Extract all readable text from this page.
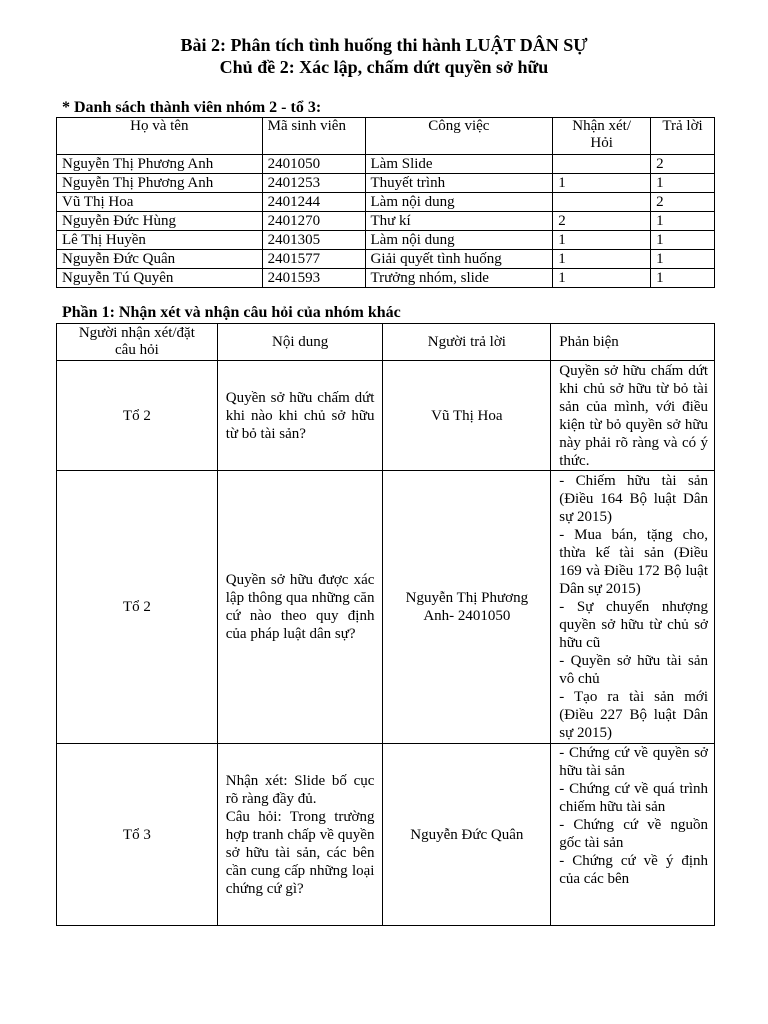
Bài 2: Phân tích tình huống thi hành LUẬT DÂN SỰ
Chủ đề 2: Xác lập, chấm dứt quyền sở hữu
* Danh sách thành viên nhóm 2 - tổ 3:
Họ và tên	Mã sinh viên	Công việc	Nhận xét/ Hỏi	Trả lời
Nguyễn Thị Phương Anh	2401050	Làm Slide		2
Nguyễn Thị Phương Anh	2401253	Thuyết trình	1	1
Vũ Thị Hoa	2401244	Làm nội dung		2
Nguyễn Đức Hùng	2401270	Thư kí	2	1
Lê Thị Huyền	2401305	Làm nội dung	1	1
Nguyễn Đức Quân	2401577	Giải quyết tình huống	1	1
Nguyễn Tú Quyên	2401593	Trưởng nhóm, slide	1	1
Phần 1: Nhận xét và nhận câu hỏi của nhóm khác
Người nhận xét/đặt câu hỏi	Nội dung	Người trả lời	Phản biện
Tổ 2	Quyền sở hữu chấm dứt khi nào khi chủ sở hữu từ bỏ tài sản?	Vũ Thị Hoa	Quyền sở hữu chấm dứt khi chủ sở hữu từ bỏ tài sản của mình, với điều kiện từ bỏ quyền sở hữu này phải rõ ràng và có ý thức.

Tổ 2	Quyền sở hữu được xác lập thông qua những căn cứ nào theo quy định của pháp luật dân sự?	Nguyễn Thị Phương Anh- 2401050	- Chiếm hữu tài sản (Điều 164 Bộ luật Dân sự 2015)
- Mua bán, tặng cho, thừa kế tài sản (Điều 169 và Điều 172 Bộ luật Dân sự 2015)
- Sự chuyển nhượng quyền sở hữu từ chủ sở hữu cũ
- Quyền sở hữu tài sản vô chủ
- Tạo ra tài sản mới (Điều 227 Bộ luật Dân sự 2015)

Tổ 3	Nhận xét: Slide bố cục rõ ràng đầy đủ.
Câu hỏi: Trong trường hợp tranh chấp về quyền sở hữu tài sản, các bên cần cung cấp những loại chứng cứ gì?	Nguyễn Đức Quân	- Chứng cứ về quyền sở hữu tài sản
- Chứng cứ về quá trình chiếm hữu tài sản
- Chứng cứ về nguồn gốc tài sản
- Chứng cứ về ý định của các bên
